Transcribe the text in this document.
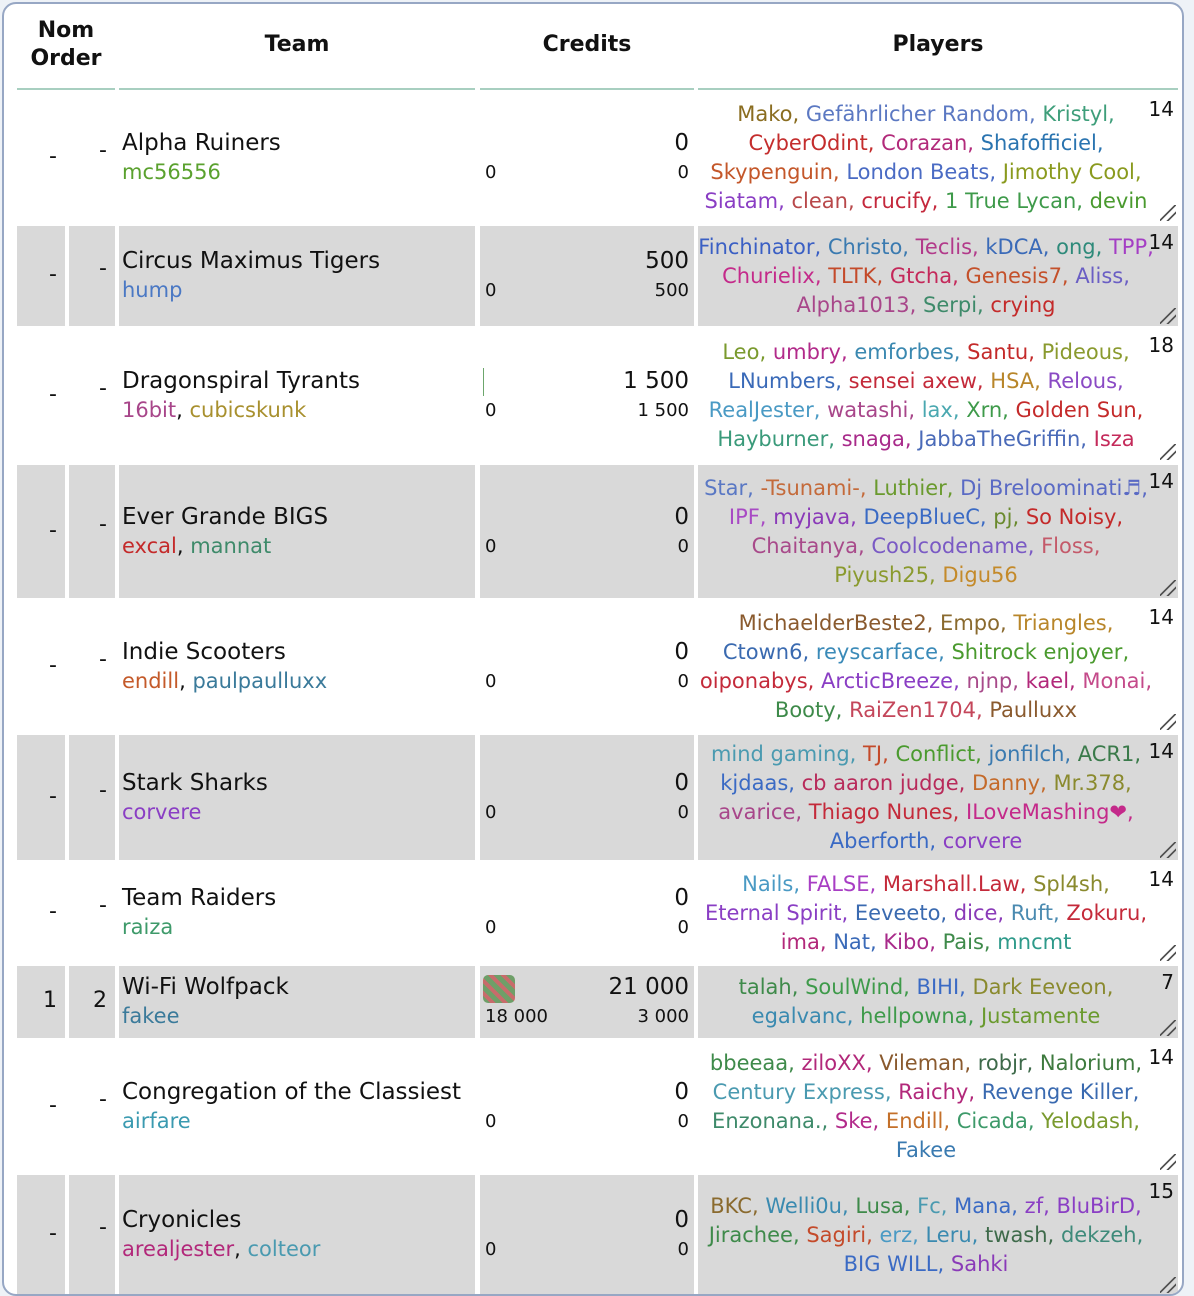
Nom
Order
Team	Credits	Players
- - Alpha Ruiners
mc56556
0
0
0
Mako, Gefährlicher Random, Kristyl, CyberOdint, Corazan, Shafofficiel, Skypenguin, London Beats, Jimothy Cool, Siatam, clean, crucify, 1 True Lycan, devin
14
- - Circus Maximus Tigers
hump
500
500
0
Finchinator, Christo, Teclis, kDCA, ong, TPP, Churielix, TLTK, Gtcha, Genesis7, Aliss, Alpha1013, Serpi, crying
14
- - Dragonspiral Tyrants
16bit, cubicskunk
1 500
1 500
0
Leo, umbry, emforbes, Santu, Pideous, LNumbers, sensei axew, HSA, Relous, RealJester, watashi, lax, Xrn, Golden Sun, Hayburner, snaga, JabbaTheGriffin, Isza
18
- - Ever Grande BIGS
excal, mannat
0
0
0
Star, -Tsunami-, Luthier, Dj Breloominati♬, IPF, myjava, DeepBlueC, pj, So Noisy, Chaitanya, Coolcodename, Floss, Piyush25, Digu56
14
- - Indie Scooters
endill, paulpaulluxx
0
0
0
MichaelderBeste2, Empo, Triangles, Ctown6, reyscarface, Shitrock enjoyer, oiponabys, ArcticBreeze, njnp, kael, Monai, Booty, RaiZen1704, Paulluxx
14
- - Stark Sharks
corvere
0
0
0
mind gaming, TJ, Conflict, jonfilch, ACR1, kjdaas, cb aaron judge, Danny, Mr.378, avarice, Thiago Nunes, ILoveMashing❤, Aberforth, corvere
14
- - Team Raiders
raiza
0
0
0
Nails, FALSE, Marshall.Law, Spl4sh, Eternal Spirit, Eeveeto, dice, Ruft, Zokuru, ima, Nat, Kibo, Pais, mncmt
14
1 2
Wi-Fi Wolfpack
fakee
21 000
3 000
18 000
talah, SoulWind, BIHI, Dark Eeveon, egalvanc, hellpowna, Justamente
7
- - Congregation of the Classiest
airfare
0
0
0
bbeeaa, ziloXX, Vileman, robjr, Nalorium, Century Express, Raichy, Revenge Killer, Enzonana., Ske, Endill, Cicada, Yelodash, Fakee
14
- - Cryonicles
arealjester, colteor
0
0
0
BKC, Welli0u, Lusa, Fc, Mana, zf, BluBirD, Jirachee, Sagiri, erz, Leru, twash, dekzeh, BIG WILL, Sahki
15
